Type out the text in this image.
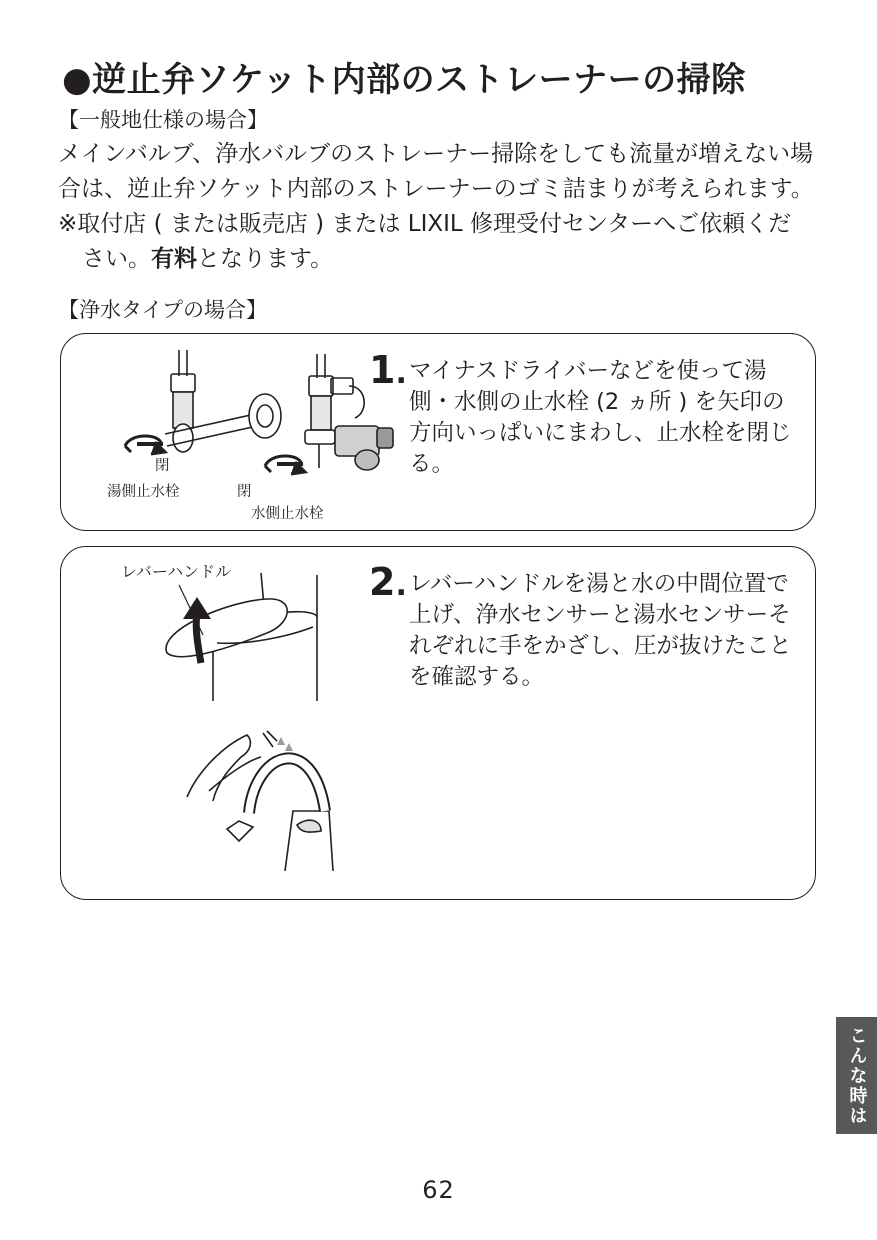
●逆止弁ソケット内部のストレーナーの掃除
【一般地仕様の場合】

メインバルブ、浄水バルブのストレーナー掃除をしても流量が増えない場

合は、逆止弁ソケット内部のストレーナーのゴミ詰まりが考えられます。

※取付店 ( または販売店 ) または LIXIL 修理受付センターへご依頼くだ

さい。有料となります。

【浄水タイプの場合】
閉
湯側止水栓	閉
水側止水栓
1. マイナスドライバーなどを使って湯

側・水側の止水栓 (2 ヵ所 ) を矢印の

方向いっぱいにまわし、止水栓を閉じ

る。

レバーハンドル	2. レバーハンドルを湯と水の中間位置で

上げ、浄水センサーと湯水センサーそ

れぞれに手をかざし、圧が抜けたこと

を確認する。

こんな時は
62
